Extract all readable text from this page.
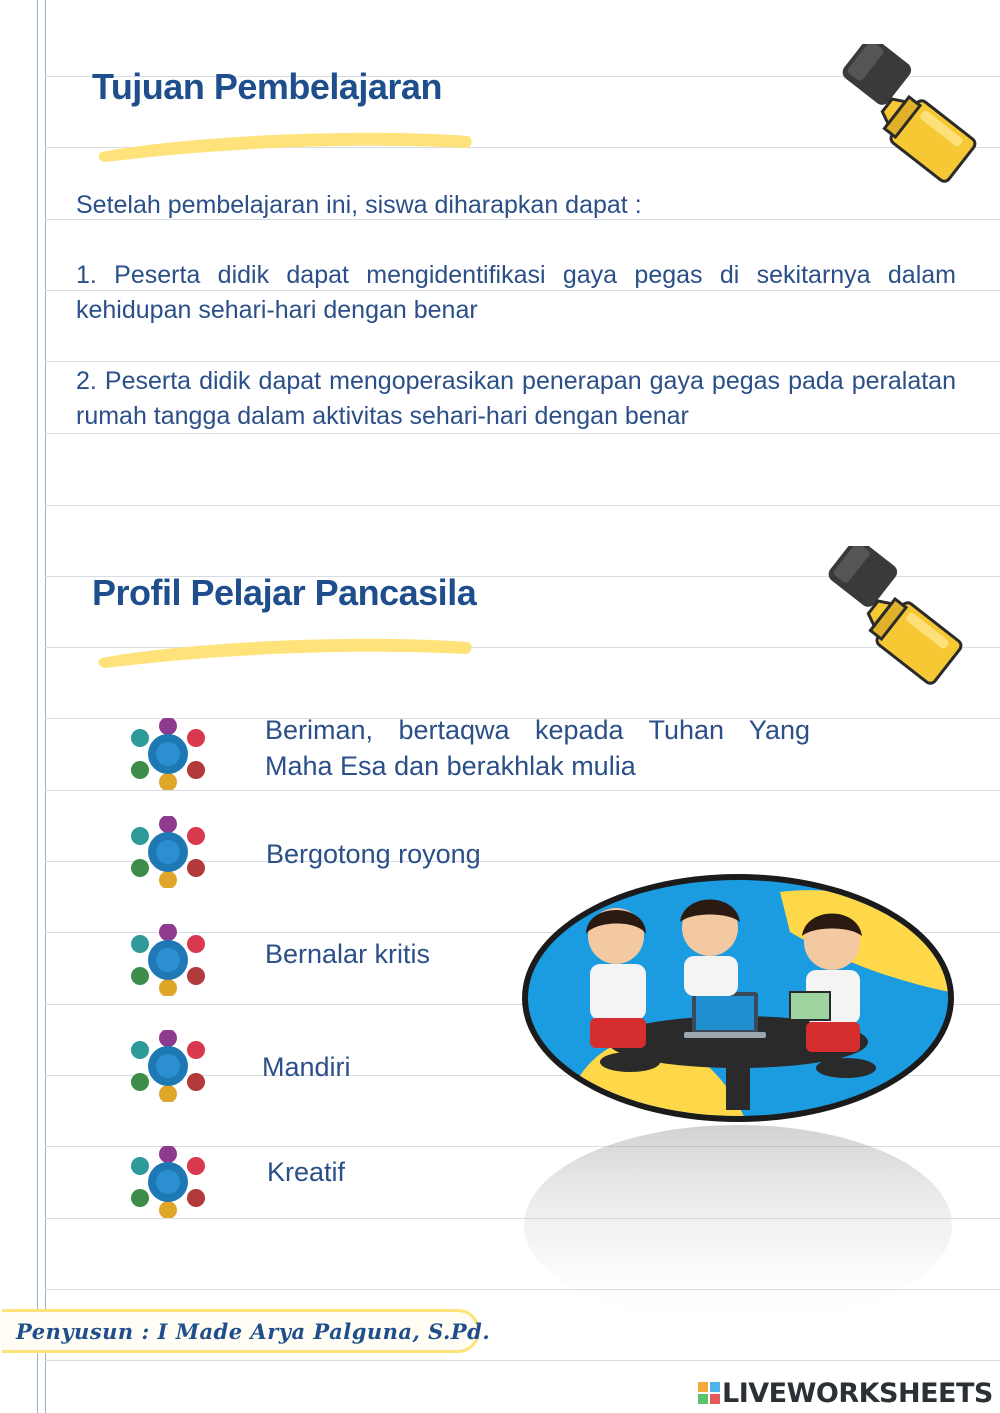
Tujuan Pembelajaran

Setelah pembelajaran ini, siswa diharapkan dapat :

1. Peserta didik dapat mengidentifikasi gaya pegas di sekitarnya dalam kehidupan sehari-hari dengan benar

2. Peserta didik dapat mengoperasikan penerapan gaya pegas pada peralatan rumah tangga dalam aktivitas sehari-hari dengan benar

Profil Pelajar Pancasila

Beriman, bertaqwa kepada Tuhan Yang Maha Esa dan berakhlak mulia

Bergotong royong

Bernalar kritis

Mandiri

Kreatif

Penyusun : I Made Arya Palguna, S.Pd.
LIVEWORKSHEETS
